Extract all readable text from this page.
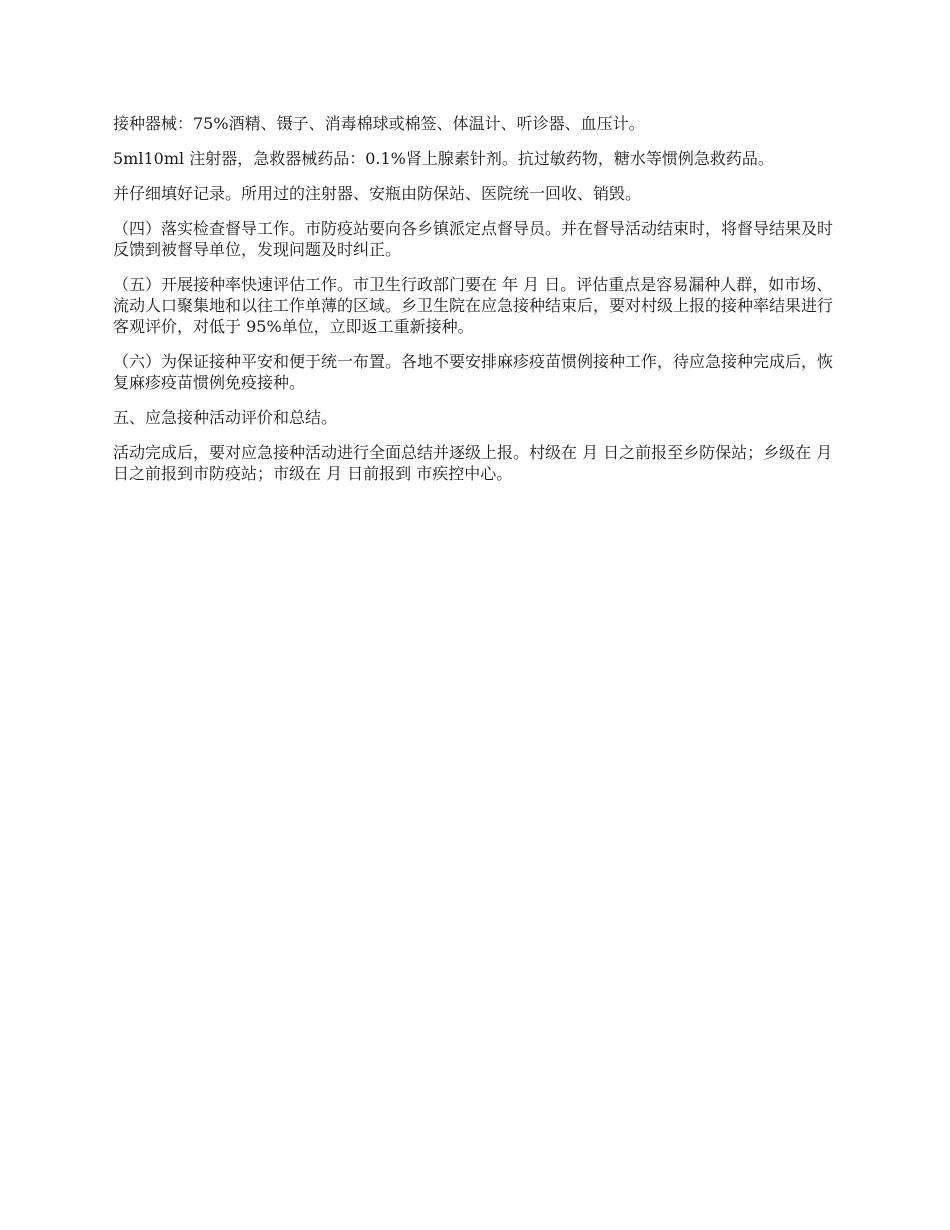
接种器械：75%酒精、镊子、消毒棉球或棉签、体温计、听诊器、血压计。

5ml10ml 注射器，急救器械药品：0.1%肾上腺素针剂。抗过敏药物，糖水等惯例急救药品。

并仔细填好记录。所用过的注射器、安瓶由防保站、医院统一回收、销毁。

（四）落实检查督导工作。市防疫站要向各乡镇派定点督导员。并在督导活动结束时，将督导结果及时反馈到被督导单位，发现问题及时纠正。

（五）开展接种率快速评估工作。市卫生行政部门要在 年 月 日。评估重点是容易漏种人群，如市场、流动人口聚集地和以往工作单薄的区域。乡卫生院在应急接种结束后，要对村级上报的接种率结果进行客观评价，对低于 95%单位，立即返工重新接种。

（六）为保证接种平安和便于统一布置。各地不要安排麻疹疫苗惯例接种工作，待应急接种完成后，恢复麻疹疫苗惯例免疫接种。

五、应急接种活动评价和总结。

活动完成后，要对应急接种活动进行全面总结并逐级上报。村级在 月 日之前报至乡防保站；乡级在 月 日之前报到市防疫站；市级在 月 日前报到 市疾控中心。
